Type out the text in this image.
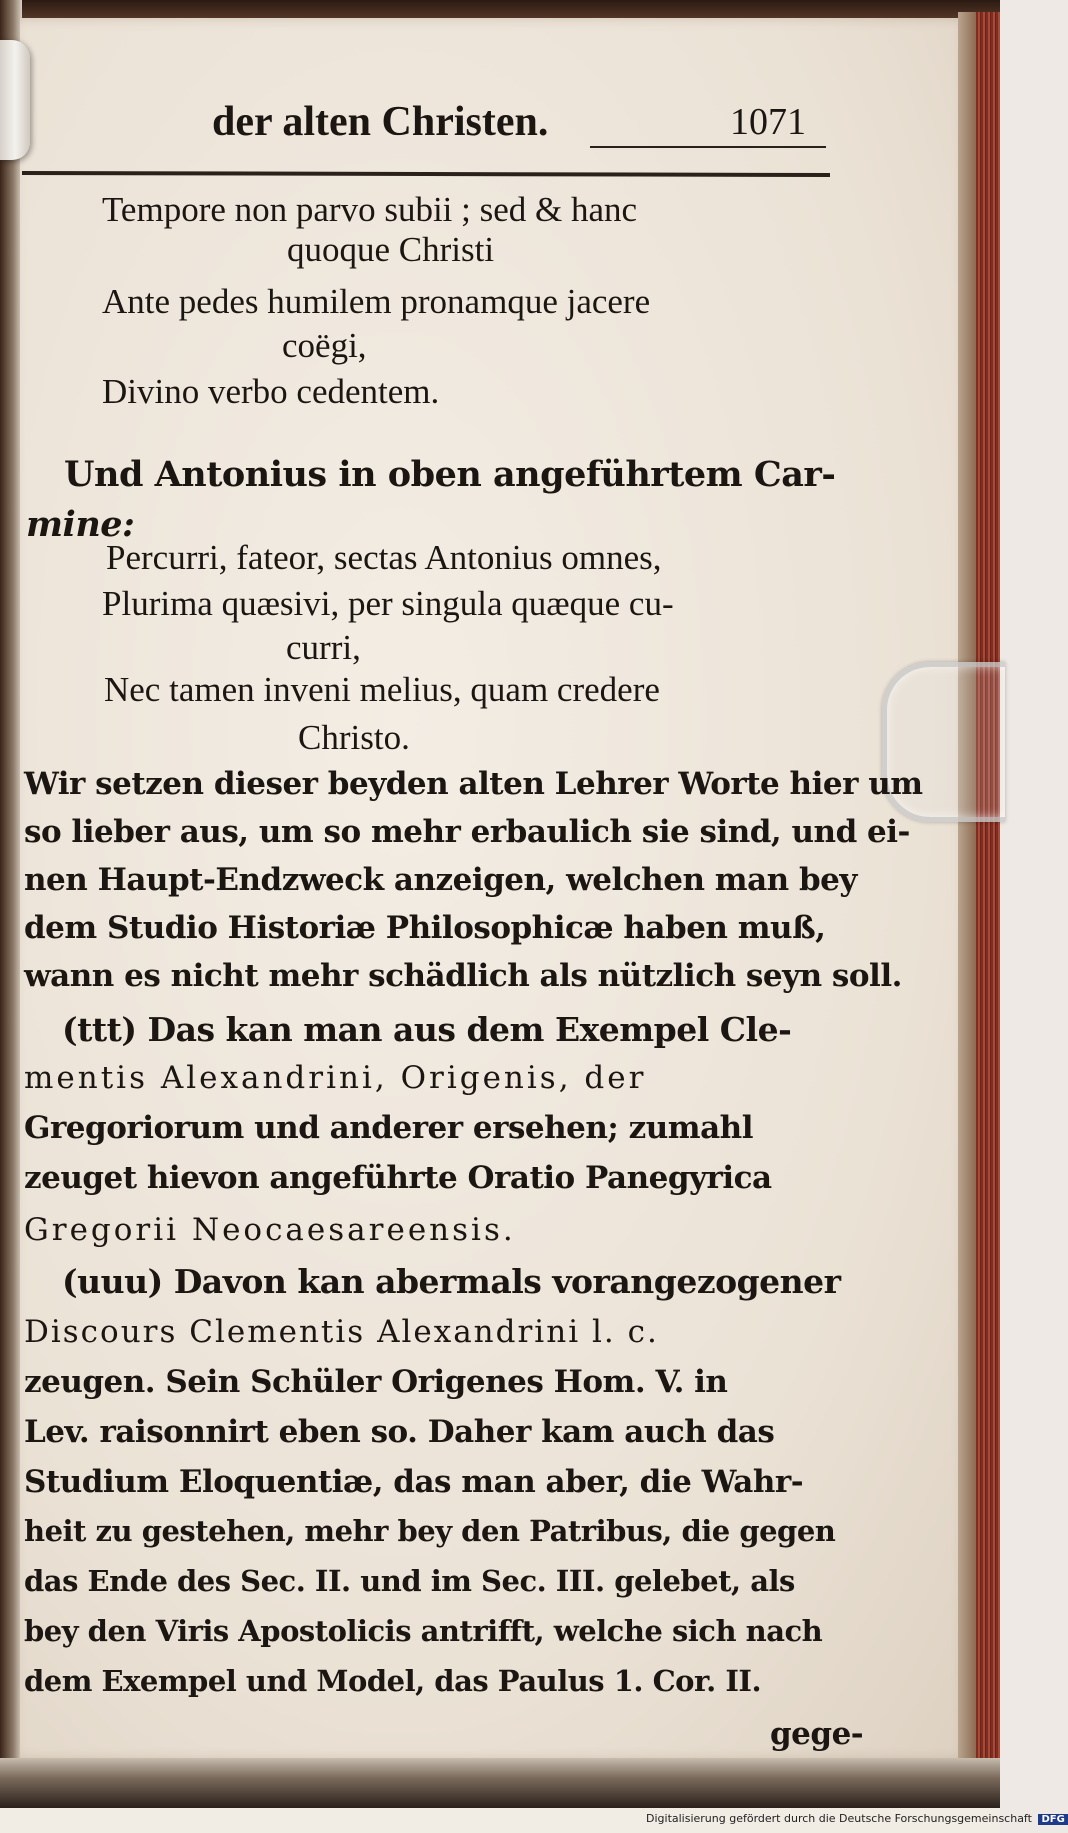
der alten Christen.	1071
Tempore non parvo subii ; sed & hanc
quoque Christi
Ante pedes humilem pronamque jacere
coëgi,
Divino verbo cedentem.
Und Antonius in oben angeführtem Car-
mine:
Percurri, fateor, sectas Antonius omnes,
Plurima quæsivi, per singula quæque cu-
curri,
Nec tamen inveni melius, quam credere
Christo.
Wir setzen dieser beyden alten Lehrer Worte hier um
so lieber aus, um so mehr erbaulich sie sind, und ei-
nen Haupt-Endzweck anzeigen, welchen man bey
dem Studio Historiæ Philosophicæ haben muß,
wann es nicht mehr schädlich als nützlich seyn soll.
(ttt) Das kan man aus dem Exempel Cle-
mentis Alexandrini, Origenis, der
Gregoriorum und anderer ersehen; zumahl
zeuget hievon angeführte Oratio Panegyrica
Gregorii Neocaesareensis.
(uuu) Davon kan abermals vorangezogener
Discours Clementis Alexandrini l. c.
zeugen. Sein Schüler Origenes Hom. V. in
Lev. raisonnirt eben so. Daher kam auch das
Studium Eloquentiæ, das man aber, die Wahr-
heit zu gestehen, mehr bey den Patribus, die gegen
das Ende des Sec. II. und im Sec. III. gelebet, als
bey den Viris Apostolicis antrifft, welche sich nach
dem Exempel und Model, das Paulus 1. Cor. II.
gege-
Digitalisierung gefördert durch die Deutsche Forschungsgemeinschaft DFG
